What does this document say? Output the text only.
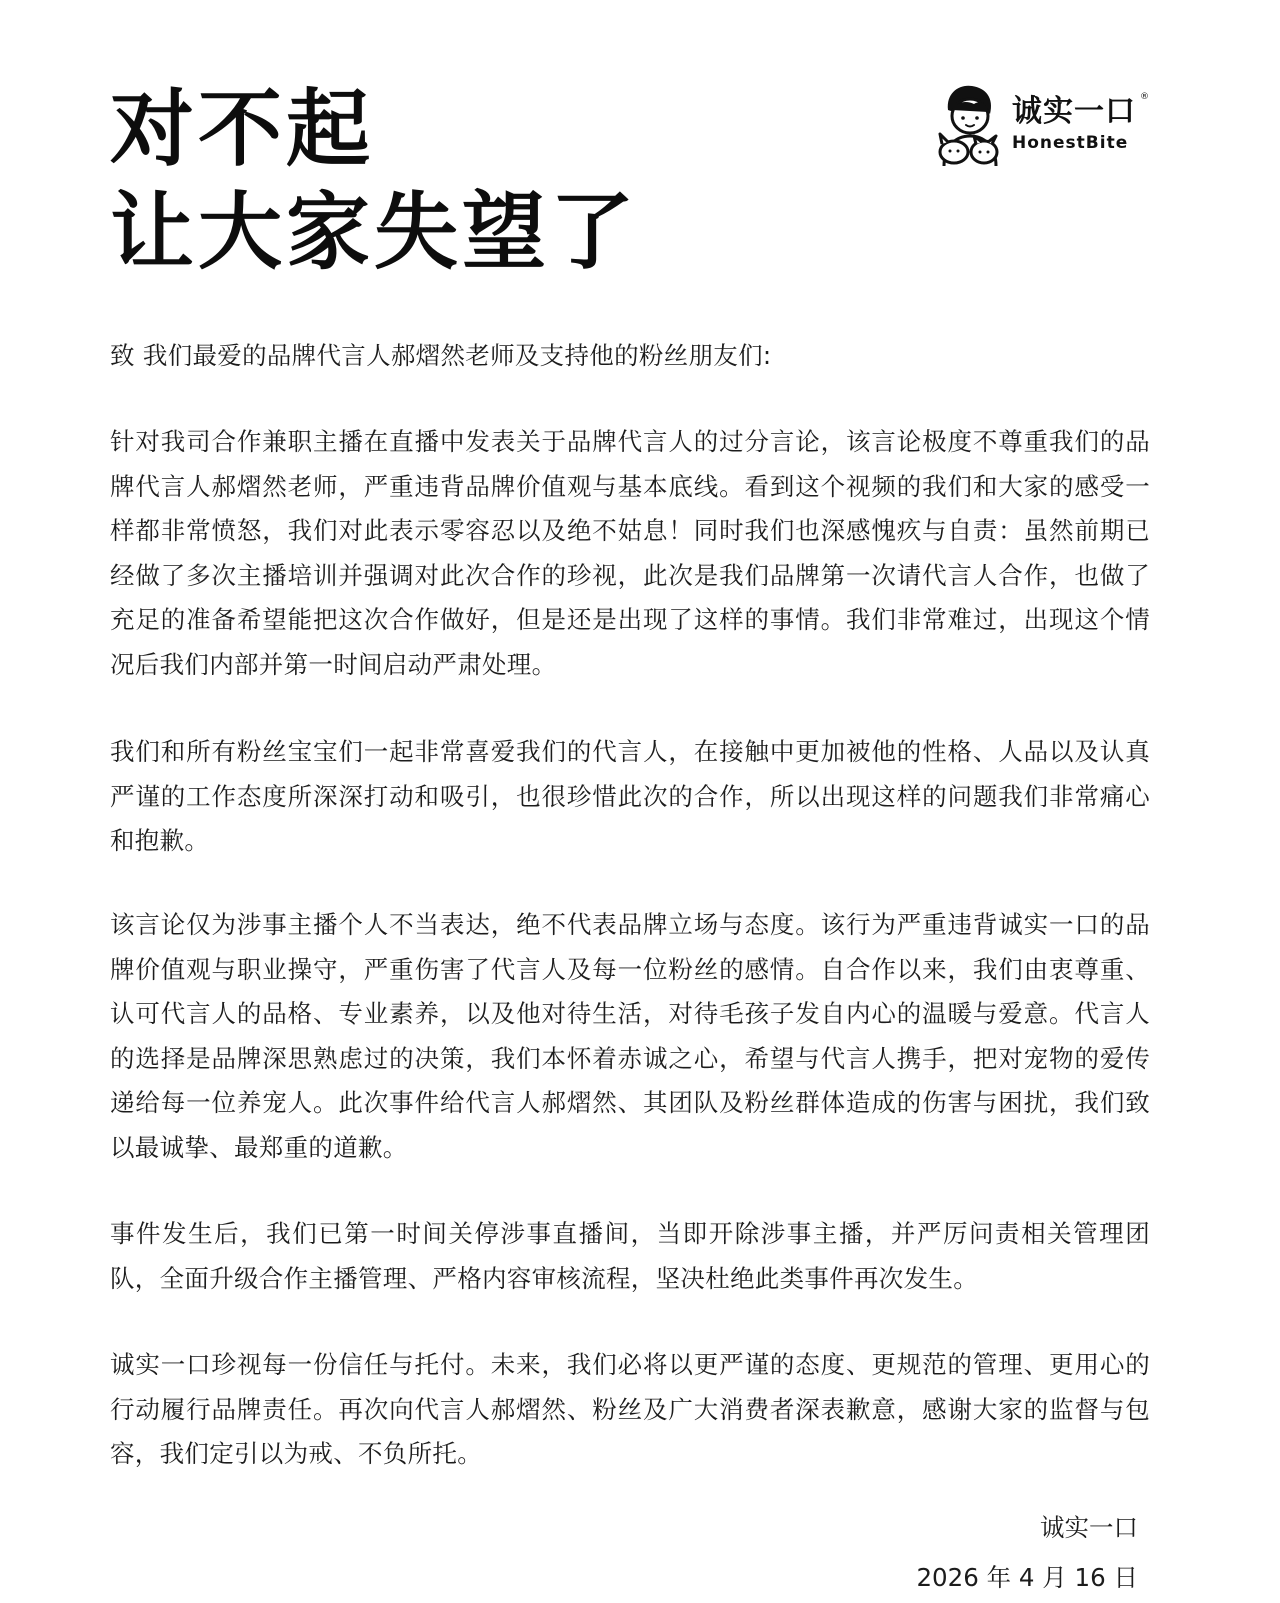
对不起
让大家失望了
诚实一口 ®
HonestBite

致 我们最爱的品牌代言人郝熠然老师及支持他的粉丝朋友们:

针对我司合作兼职主播在直播中发表关于品牌代言人的过分言论，该言论极度不尊重我们的品牌代言人郝熠然老师，严重违背品牌价值观与基本底线。看到这个视频的我们和大家的感受一样都非常愤怒，我们对此表示零容忍以及绝不姑息！同时我们也深感愧疚与自责：虽然前期已经做了多次主播培训并强调对此次合作的珍视，此次是我们品牌第一次请代言人合作，也做了充足的准备希望能把这次合作做好，但是还是出现了这样的事情。我们非常难过，出现这个情况后我们内部并第一时间启动严肃处理。

我们和所有粉丝宝宝们一起非常喜爱我们的代言人，在接触中更加被他的性格、人品以及认真严谨的工作态度所深深打动和吸引，也很珍惜此次的合作，所以出现这样的问题我们非常痛心和抱歉。

该言论仅为涉事主播个人不当表达，绝不代表品牌立场与态度。该行为严重违背诚实一口的品牌价值观与职业操守，严重伤害了代言人及每一位粉丝的感情。自合作以来，我们由衷尊重、认可代言人的品格、专业素养，以及他对待生活，对待毛孩子发自内心的温暖与爱意。代言人的选择是品牌深思熟虑过的决策，我们本怀着赤诚之心，希望与代言人携手，把对宠物的爱传递给每一位养宠人。此次事件给代言人郝熠然、其团队及粉丝群体造成的伤害与困扰，我们致以最诚挚、最郑重的道歉。

事件发生后，我们已第一时间关停涉事直播间，当即开除涉事主播，并严厉问责相关管理团队，全面升级合作主播管理、严格内容审核流程，坚决杜绝此类事件再次发生。

诚实一口珍视每一份信任与托付。未来，我们必将以更严谨的态度、更规范的管理、更用心的行动履行品牌责任。再次向代言人郝熠然、粉丝及广大消费者深表歉意，感谢大家的监督与包容，我们定引以为戒、不负所托。

诚实一口
2026 年 4 月 16 日
